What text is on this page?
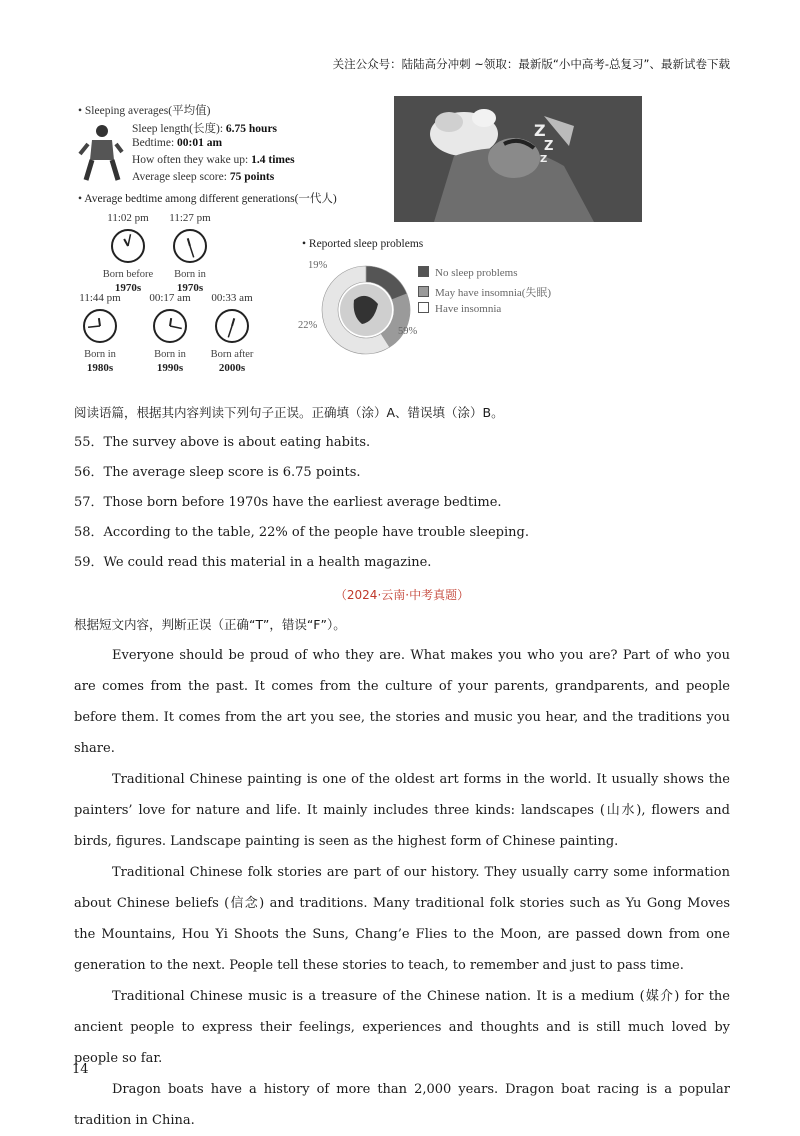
关注公众号：陆陆高分冲刺 ~领取：最新版“小中高考-总复习”、最新试卷下载
• Sleeping averages(平均值)
Sleep length(长度): 6.75 hours
Bedtime: 00:01 am
How often they wake up: 1.4 times
Average sleep score: 75 points
• Average bedtime among different generations(一代人)
11:02 pm
Born before
1970s
11:27 pm
Born in
1970s
11:44 pm
Born in
1980s
00:17 am
Born in
1990s
00:33 am
Born after
2000s
Z
Z
Z
• Reported sleep problems
19%
22%
59%
No sleep problems
May have insomnia(失眠)
Have insomnia

阅读语篇，根据其内容判读下列句子正误。正确填（涂）A、错误填（涂）B。

55．The survey above is about eating habits.

56．The average sleep score is 6.75 points.

57．Those born before 1970s have the earliest average bedtime.

58．According to the table, 22% of the people have trouble sleeping.

59．We could read this material in a health magazine.

（2024·云南·中考真题）

根据短文内容，判断正误（正确“T”，错误“F”）。

Everyone should be proud of who they are. What makes you who you are? Part of who you are comes from the past. It comes from the culture of your parents, grandparents, and people before them. It comes from the art you see, the stories and music you hear, and the traditions you share.

Traditional Chinese painting is one of the oldest art forms in the world. It usually shows the painters’ love for nature and life. It mainly includes three kinds: landscapes (山水), flowers and birds, figures. Landscape painting is seen as the highest form of Chinese painting.

Traditional Chinese folk stories are part of our history. They usually carry some information about Chinese beliefs (信念) and traditions. Many traditional folk stories such as Yu Gong Moves the Mountains, Hou Yi Shoots the Suns, Chang’e Flies to the Moon, are passed down from one generation to the next. People tell these stories to teach, to remember and just to pass time.

Traditional Chinese music is a treasure of the Chinese nation. It is a medium (媒介) for the ancient people to express their feelings, experiences and thoughts and is still much loved by people so far.

Dragon boats have a history of more than 2,000 years. Dragon boat racing is a popular tradition in China.

14
